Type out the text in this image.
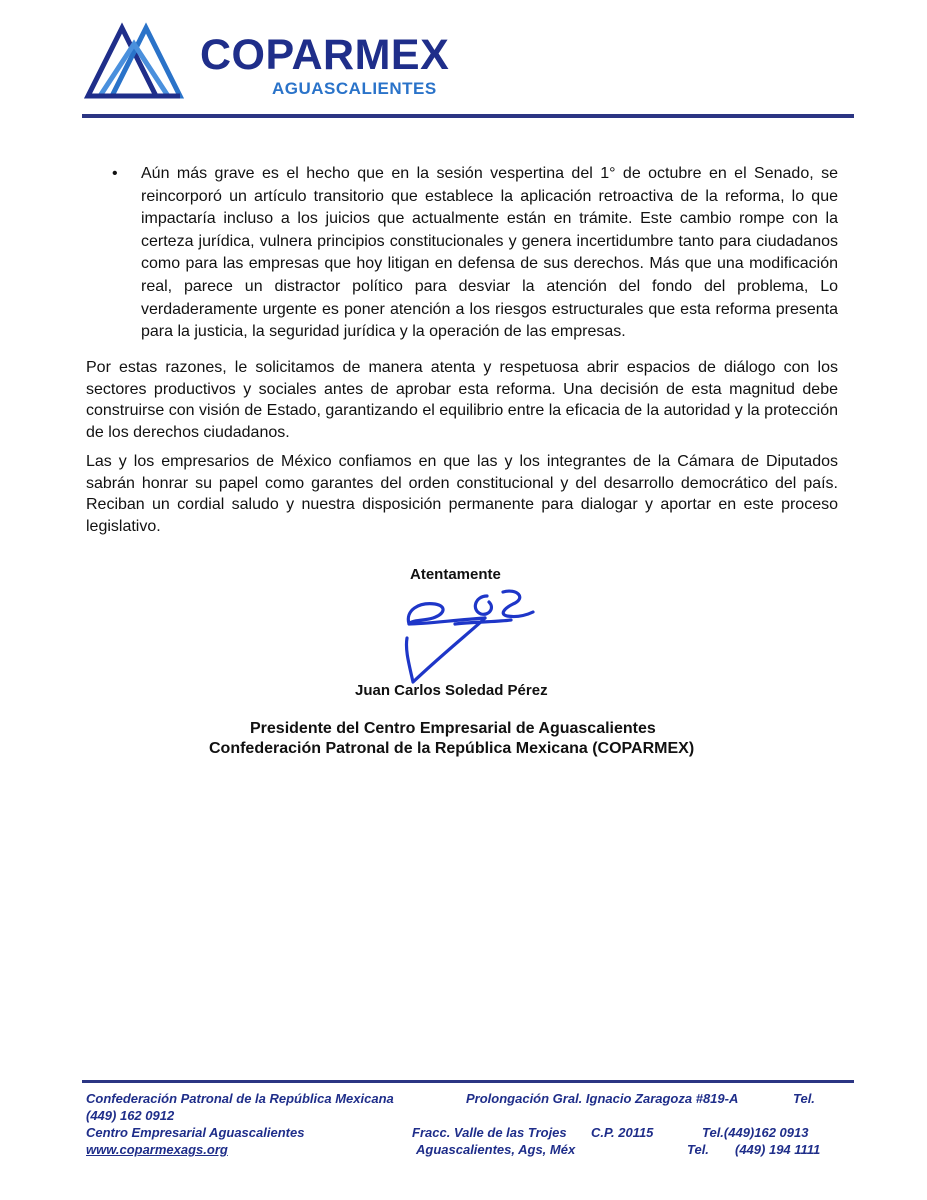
COPARMEX
AGUASCALIENTES
• Aún más grave es el hecho que en la sesión vespertina del 1° de octubre en el Senado, se reincorporó un artículo transitorio que establece la aplicación retroactiva de la reforma, lo que impactaría incluso a los juicios que actualmente están en trámite. Este cambio rompe con la certeza jurídica, vulnera principios constitucionales y genera incertidumbre tanto para ciudadanos como para las empresas que hoy litigan en defensa de sus derechos. Más que una modificación real, parece un distractor político para desviar la atención del fondo del problema, Lo verdaderamente urgente es poner atención a los riesgos estructurales que esta reforma presenta para la justicia, la seguridad jurídica y la operación de las empresas.

Por estas razones, le solicitamos de manera atenta y respetuosa abrir espacios de diálogo con los sectores productivos y sociales antes de aprobar esta reforma. Una decisión de esta magnitud debe construirse con visión de Estado, garantizando el equilibrio entre la eficacia de la autoridad y la protección de los derechos ciudadanos.

Las y los empresarios de México confiamos en que las y los integrantes de la Cámara de Diputados sabrán honrar su papel como garantes del orden constitucional y del desarrollo democrático del país. Reciban un cordial saludo y nuestra disposición permanente para dialogar y aportar en este proceso legislativo.

Atentamente
Juan Carlos Soledad Pérez
Presidente del Centro Empresarial de Aguascalientes
Confederación Patronal de la República Mexicana (COPARMEX)
Confederación Patronal de la República Mexicana	Prolongación Gral. Ignacio Zaragoza #819-A	Tel.
(449) 162 0912
Centro Empresarial Aguascalientes	Fracc. Valle de las Trojes C.P. 20115	Tel.(449)162 0913
www.coparmexags.org	Aguascalientes, Ags, Méx	Tel. (449) 194 1111
